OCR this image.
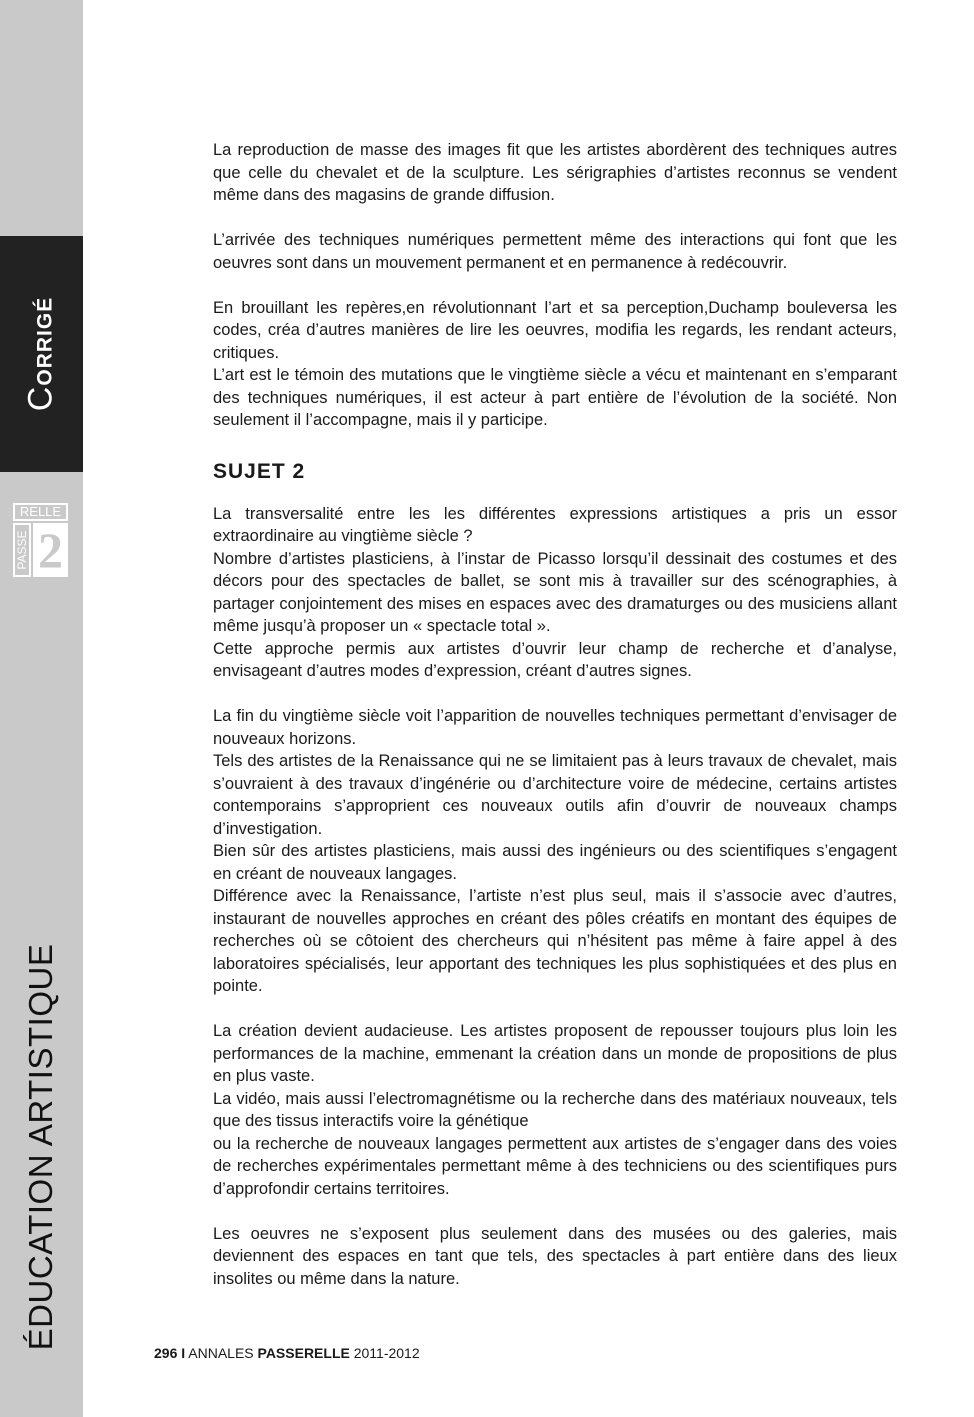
CORRIGÉ
RELLE
PASSE 2
ÉDUCATION ARTISTIQUE

La reproduction de masse des images fit que les artistes abordèrent des techniques autres que celle du chevalet et de la sculpture. Les sérigraphies d’artistes reconnus se vendent même dans des magasins de grande diffusion.

L’arrivée des techniques numériques permettent même des interactions qui font que les oeuvres sont dans un mouvement permanent et en permanence à redécouvrir.

En brouillant les repères,en révolutionnant l’art et sa perception,Duchamp bouleversa les codes, créa d’autres manières de lire les oeuvres, modifia les regards, les rendant acteurs, critiques.

L’art est le témoin des mutations que le vingtième siècle a vécu et maintenant en s’emparant des techniques numériques, il est acteur à part entière de l’évolution de la société. Non seulement il l’accompagne, mais il y participe.

SUJET 2

La transversalité entre les les différentes expressions artistiques a pris un essor extraordinaire au vingtième siècle ?

Nombre d’artistes plasticiens, à l’instar de Picasso lorsqu’il dessinait des costumes et des décors pour des spectacles de ballet, se sont mis à travailler sur des scénographies, à partager conjointement des mises en espaces avec des dramaturges ou des musiciens allant même jusqu’à proposer un « spectacle total ».

Cette approche permis aux artistes d’ouvrir leur champ de recherche et d’analyse, envisageant d’autres modes d’expression, créant d’autres signes.

La fin du vingtième siècle voit l’apparition de nouvelles techniques permettant d’envisager de nouveaux horizons.

Tels des artistes de la Renaissance qui ne se limitaient pas à leurs travaux de chevalet, mais s’ouvraient à des travaux d’ingénérie ou d’architecture voire de médecine, certains artistes contemporains s’approprient ces nouveaux outils afin d’ouvrir de nouveaux champs d’investigation.

Bien sûr des artistes plasticiens, mais aussi des ingénieurs ou des scientifiques s’engagent en créant de nouveaux langages.

Différence avec la Renaissance, l’artiste n’est plus seul, mais il s’associe avec d’autres, instaurant de nouvelles approches en créant des pôles créatifs en montant des équipes de recherches où se côtoient des chercheurs qui n’hésitent pas même à faire appel à des laboratoires spécialisés, leur apportant des techniques les plus sophistiquées et des plus en pointe.

La création devient audacieuse. Les artistes proposent de repousser toujours plus loin les performances de la machine, emmenant la création dans un monde de propositions de plus en plus vaste.

La vidéo, mais aussi l’electromagnétisme ou la recherche dans des matériaux nouveaux, tels que des tissus interactifs voire la génétique

ou la recherche de nouveaux langages permettent aux artistes de s’engager dans des voies de recherches expérimentales permettant même à des techniciens ou des scientifiques purs d’approfondir certains territoires.

Les oeuvres ne s’exposent plus seulement dans des musées ou des galeries, mais deviennent des espaces en tant que tels, des spectacles à part entière dans des lieux insolites ou même dans la nature.

296 I ANNALES PASSERELLE 2011-2012
